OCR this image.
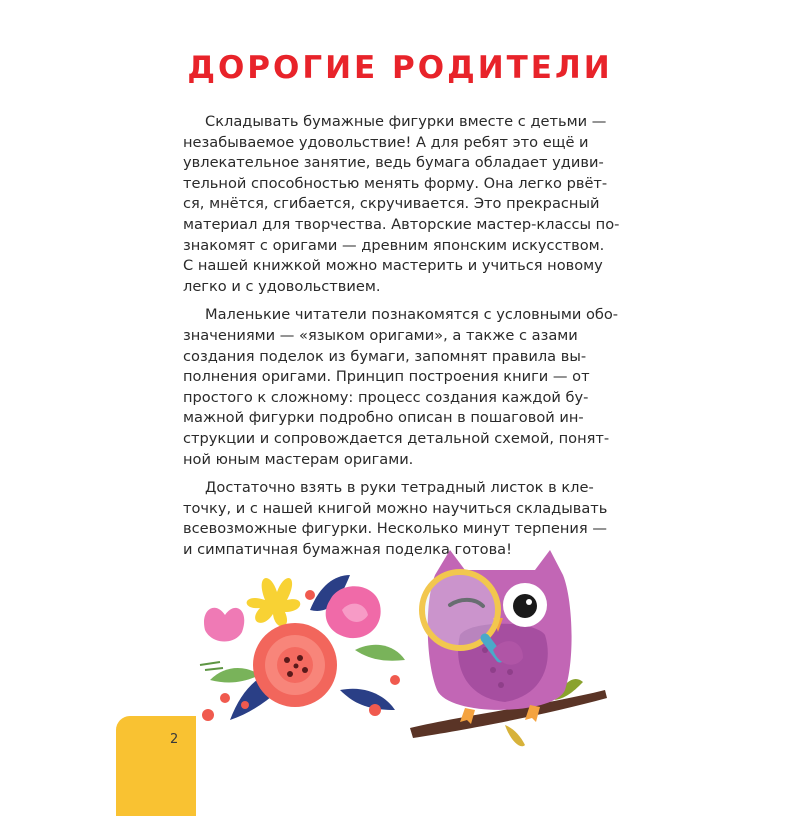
ДОРОГИЕ РОДИТЕЛИ
Складывать бумажные фигурки вместе с детьми —
незабываемое удовольствие! А для ребят это ещё и
увлекательное занятие, ведь бумага обладает удиви-
тельной способностью менять форму. Она легко рвёт-
ся, мнётся, сгибается, скручивается. Это прекрасный
материал для творчества. Авторские мастер-классы по-
знакомят с оригами — древним японским искусством.
С нашей книжкой можно мастерить и учиться новому
легко и с удовольствием.
Маленькие читатели познакомятся с условными обо-
значениями — «языком оригами», а также с азами
создания поделок из бумаги, запомнят правила вы-
полнения оригами. Принцип построения книги — от
простого к сложному: процесс создания каждой бу-
мажной фигурки подробно описан в пошаговой ин-
струкции и сопровождается детальной схемой, понят-
ной юным мастерам оригами.
Достаточно взять в руки тетрадный листок в кле-
точку, и с нашей книгой можно научиться складывать
всевозможные фигурки. Несколько минут терпения —
и симпатичная бумажная поделка готова!
2
